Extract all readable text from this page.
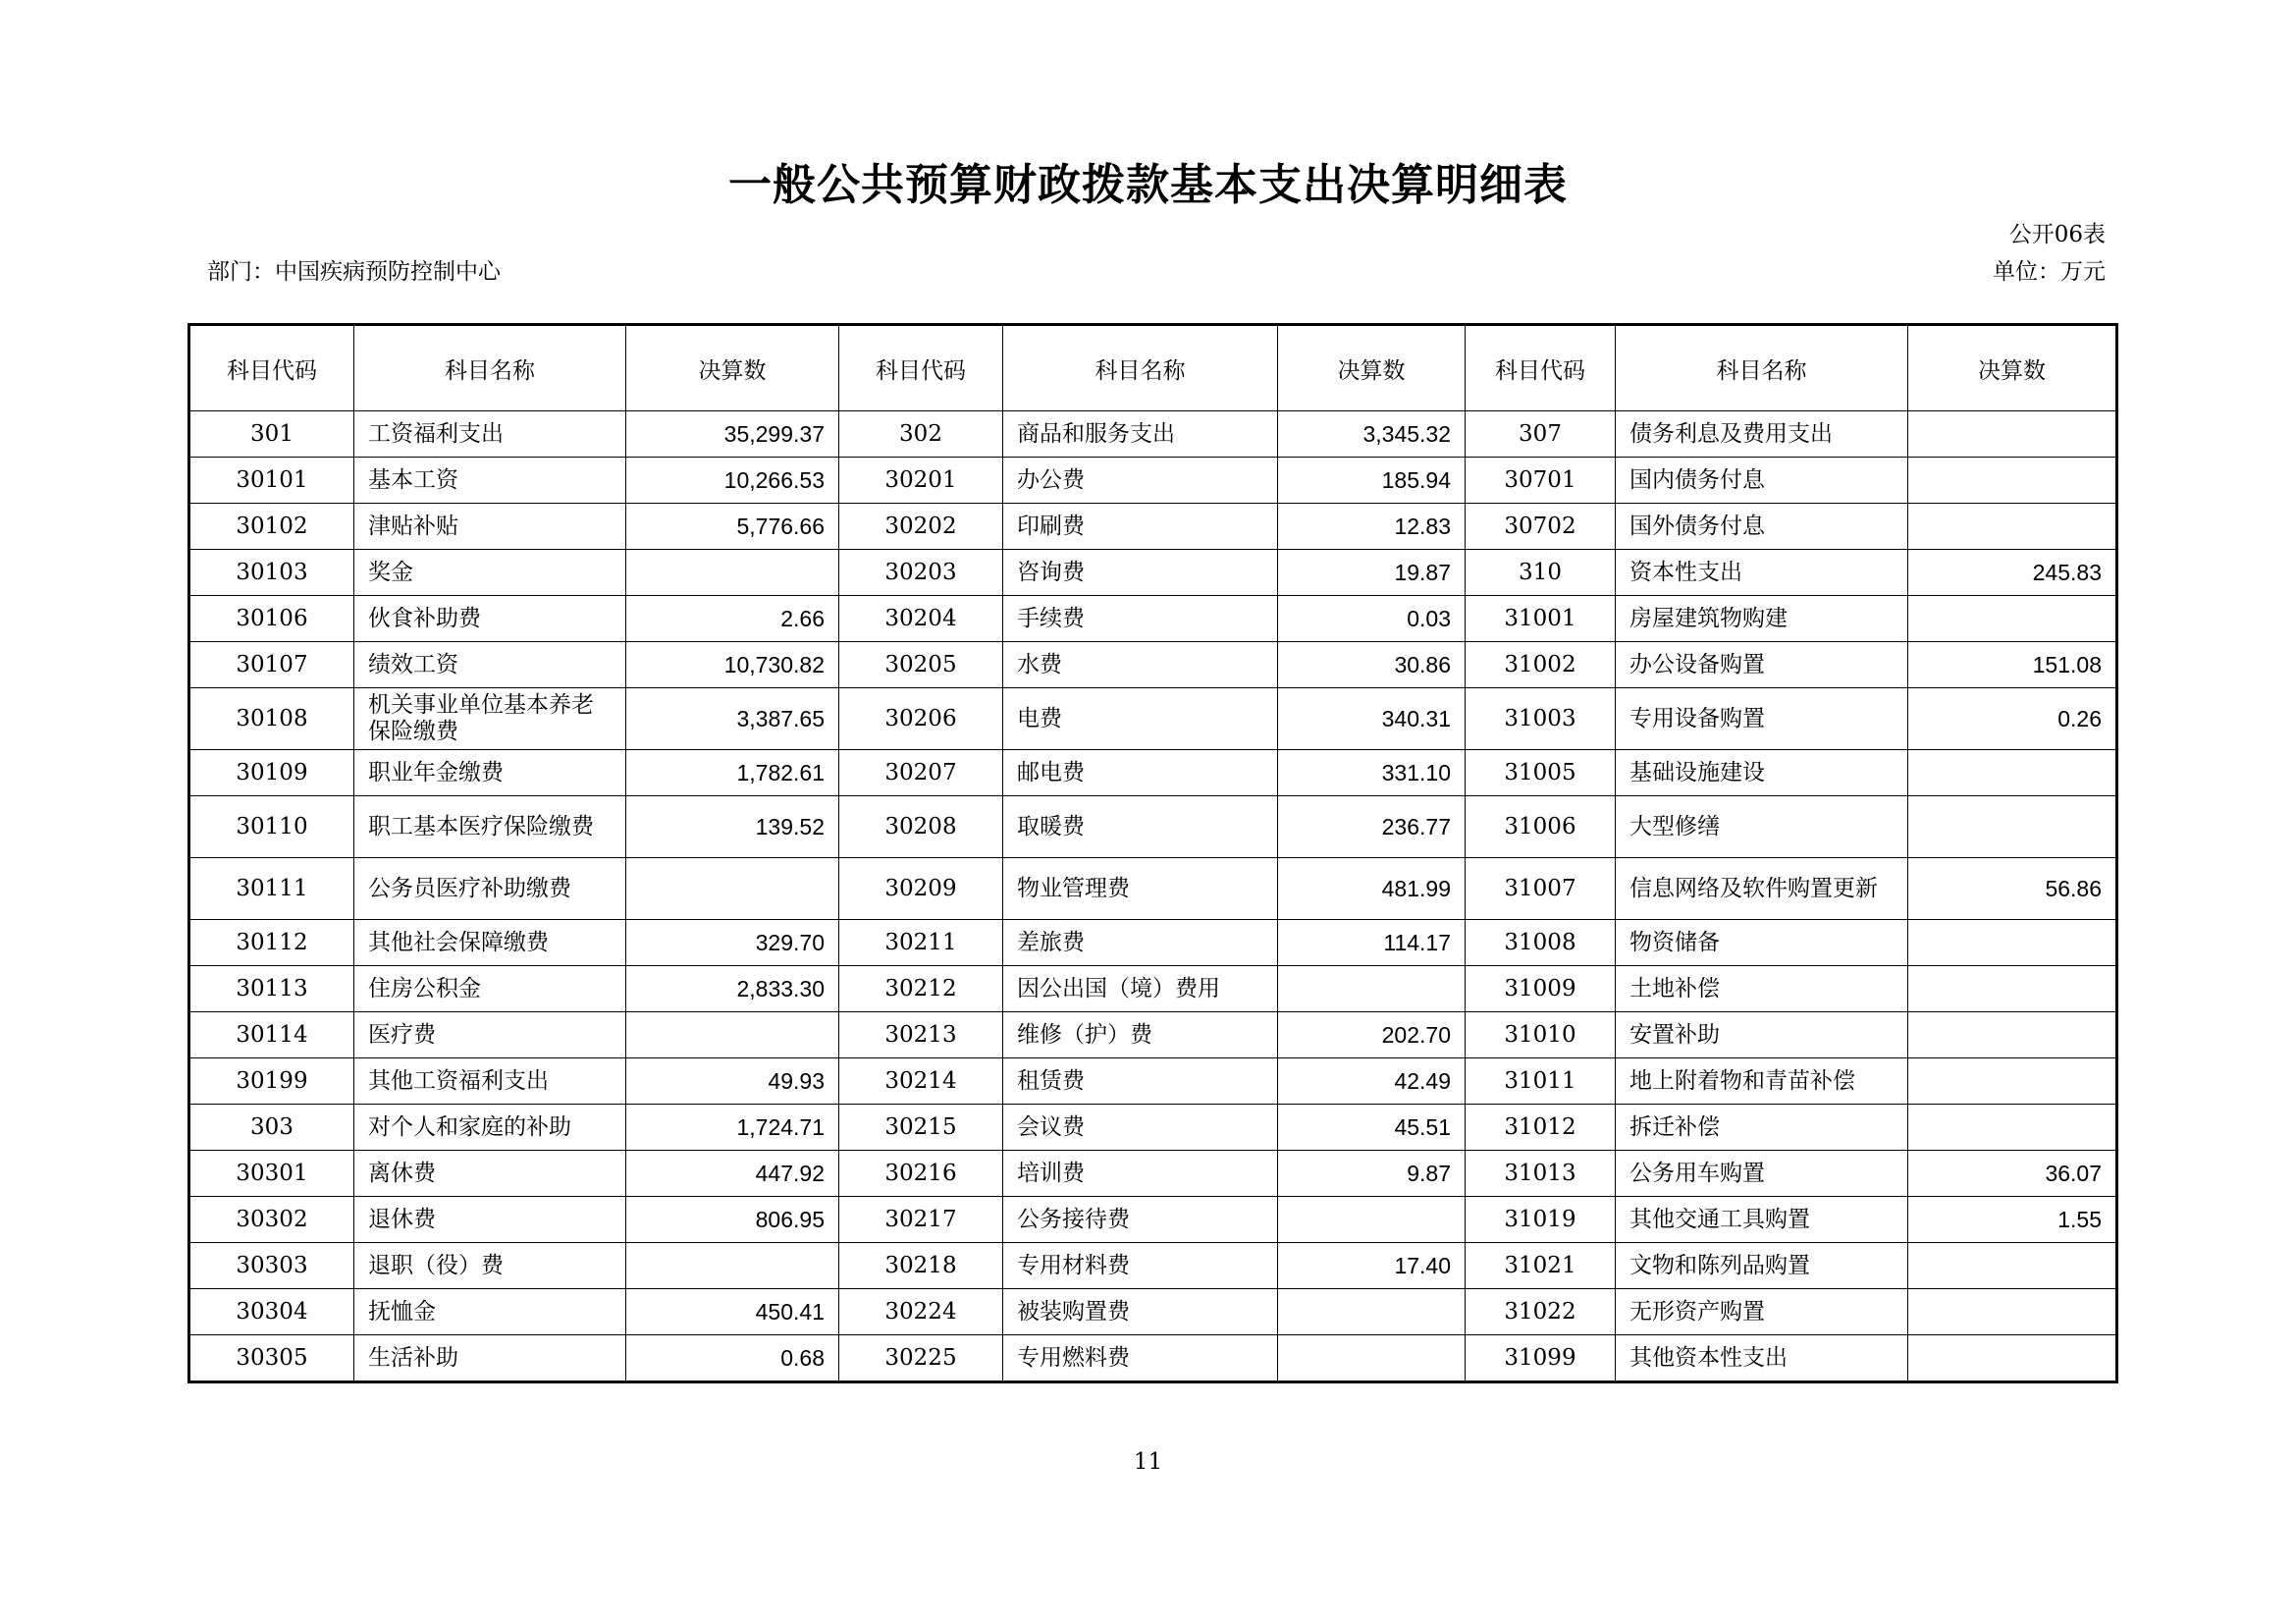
一般公共预算财政拨款基本支出决算明细表
公开06表
部门：中国疾病预防控制中心	单位：万元
科目代码	科目名称	决算数	科目代码	科目名称	决算数	科目代码	科目名称	决算数
301	工资福利支出	35,299.37	302	商品和服务支出	3,345.32	307	债务利息及费用支出	
30101	基本工资	10,266.53	30201	办公费	185.94	30701	国内债务付息	
30102	津贴补贴	5,776.66	30202	印刷费	12.83	30702	国外债务付息	
30103	奖金		30203	咨询费	19.87	310	资本性支出	245.83
30106	伙食补助费	2.66	30204	手续费	0.03	31001	房屋建筑物购建	
30107	绩效工资	10,730.82	30205	水费	30.86	31002	办公设备购置	151.08
30108	机关事业单位基本养老保险缴费	3,387.65	30206	电费	340.31	31003	专用设备购置	0.26
30109	职业年金缴费	1,782.61	30207	邮电费	331.10	31005	基础设施建设	
30110	职工基本医疗保险缴费	139.52	30208	取暖费	236.77	31006	大型修缮	
30111	公务员医疗补助缴费		30209	物业管理费	481.99	31007	信息网络及软件购置更新	56.86
30112	其他社会保障缴费	329.70	30211	差旅费	114.17	31008	物资储备	
30113	住房公积金	2,833.30	30212	因公出国（境）费用		31009	土地补偿	
30114	医疗费		30213	维修（护）费	202.70	31010	安置补助	
30199	其他工资福利支出	49.93	30214	租赁费	42.49	31011	地上附着物和青苗补偿	
303	对个人和家庭的补助	1,724.71	30215	会议费	45.51	31012	拆迁补偿	
30301	离休费	447.92	30216	培训费	9.87	31013	公务用车购置	36.07
30302	退休费	806.95	30217	公务接待费		31019	其他交通工具购置	1.55
30303	退职（役）费		30218	专用材料费	17.40	31021	文物和陈列品购置	
30304	抚恤金	450.41	30224	被装购置费		31022	无形资产购置	
30305	生活补助	0.68	30225	专用燃料费		31099	其他资本性支出	
11
